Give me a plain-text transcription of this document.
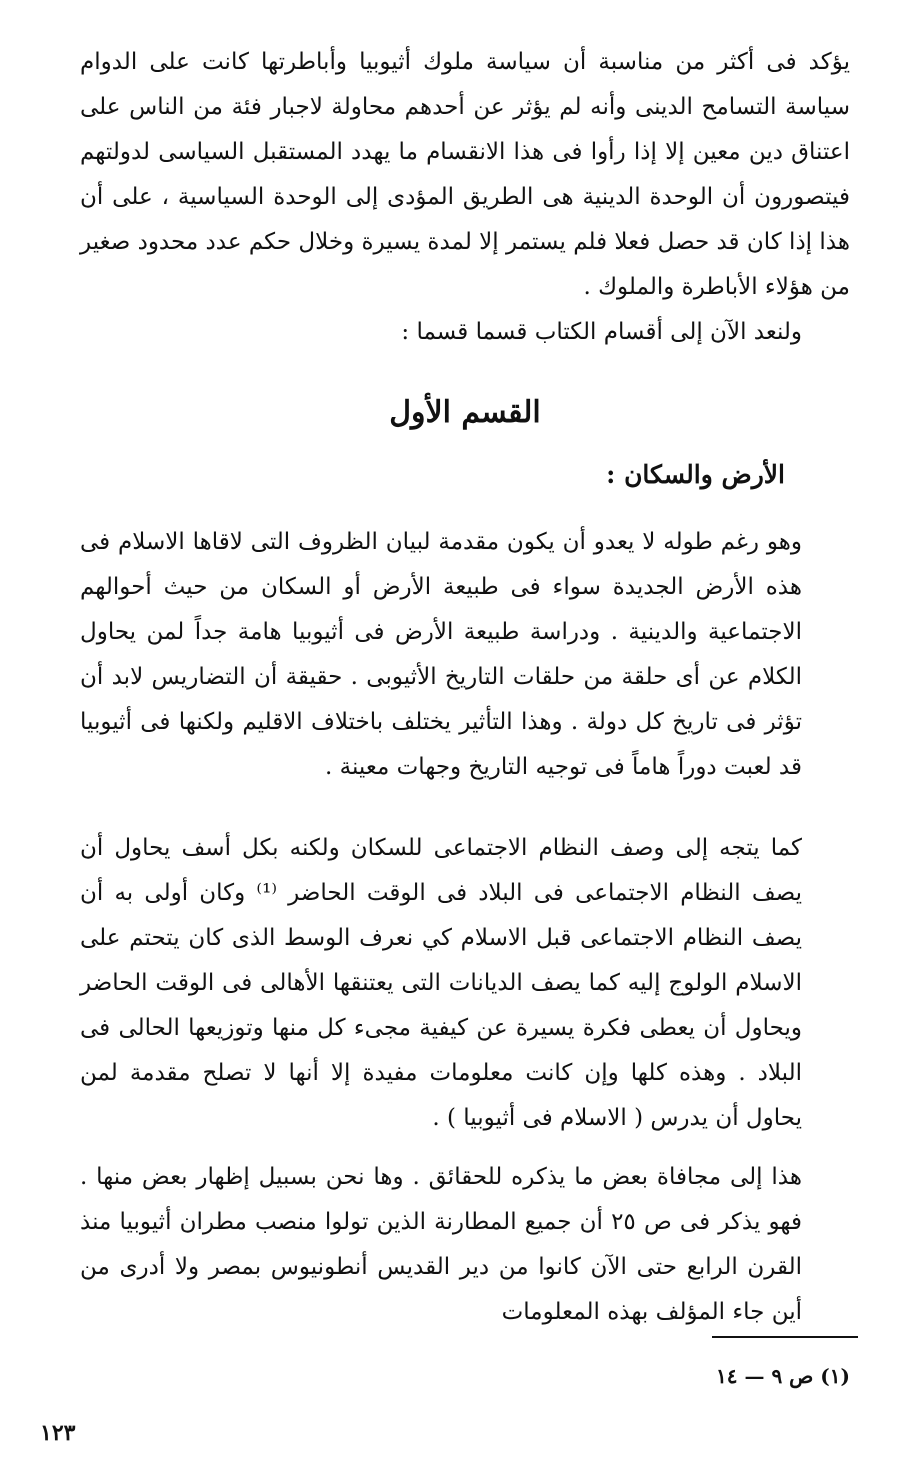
يؤكد فى أكثر من مناسبة أن سياسة ملوك أثيوبيا وأباطرتها كانت على الدوام سياسة التسامح الدينى وأنه لم يؤثر عن أحدهم محاولة لاجبار فئة من الناس على اعتناق دين معين إلا إذا رأوا فى هذا الانقسام ما يهدد المستقبل السياسى لدولتهم فيتصورون أن الوحدة الدينية هى الطريق المؤدى إلى الوحدة السياسية ، على أن هذا إذا كان قد حصل فعلا فلم يستمر إلا لمدة يسيرة وخلال حكم عدد محدود صغير من هؤلاء الأباطرة والملوك .

ولنعد الآن إلى أقسام الكتاب قسما قسما :

القسم الأول
الأرض والسكان :

وهو رغم طوله لا يعدو أن يكون مقدمة لبيان الظروف التى لاقاها الاسلام فى هذه الأرض الجديدة سواء فى طبيعة الأرض أو السكان من حيث أحوالهم الاجتماعية والدينية . ودراسة طبيعة الأرض فى أثيوبيا هامة جداً لمن يحاول الكلام عن أى حلقة من حلقات التاريخ الأثيوبى . حقيقة أن التضاريس لابد أن تؤثر فى تاريخ كل دولة . وهذا التأثير يختلف باختلاف الاقليم ولكنها فى أثيوبيا قد لعبت دوراً هاماً فى توجيه التاريخ وجهات معينة .

كما يتجه إلى وصف النظام الاجتماعى للسكان ولكنه بكل أسف يحاول أن يصف النظام الاجتماعى فى البلاد فى الوقت الحاضر ⁽¹⁾ وكان أولى به أن يصف النظام الاجتماعى قبل الاسلام كي نعرف الوسط الذى كان يتحتم على الاسلام الولوج إليه كما يصف الديانات التى يعتنقها الأهالى فى الوقت الحاضر ويحاول أن يعطى فكرة يسيرة عن كيفية مجىء كل منها وتوزيعها الحالى فى البلاد . وهذه كلها وإن كانت معلومات مفيدة إلا أنها لا تصلح مقدمة لمن يحاول أن يدرس ( الاسلام فى أثيوبيا ) .

هذا إلى مجافاة بعض ما يذكره للحقائق . وها نحن بسبيل إظهار بعض منها . فهو يذكر فى ص ٢٥ أن جميع المطارنة الذين تولوا منصب مطران أثيوبيا منذ القرن الرابع حتى الآن كانوا من دير القديس أنطونيوس بمصر ولا أدرى من أين جاء المؤلف بهذه المعلومات

(١) ص ٩ — ١٤
١٢٣
